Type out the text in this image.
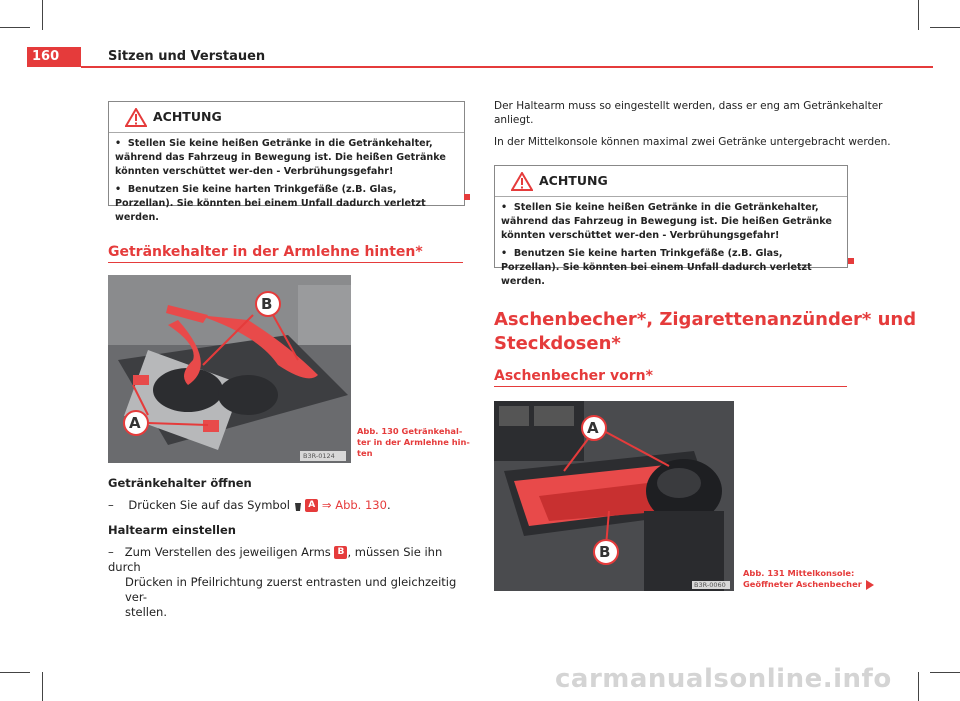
160	Sitzen und Verstauen
ACHTUNG

•  Stellen Sie keine heißen Getränke in die Getränkehalter, während das Fahrzeug in Bewegung ist. Die heißen Getränke könnten verschüttet wer-den - Verbrühungsgefahr!

•  Benutzen Sie keine harten Trinkgefäße (z.B. Glas, Porzellan). Sie könnten bei einem Unfall dadurch verletzt werden.

Getränkehalter in der Armlehne hinten*
B
A
B3R-0124
Abb. 130 Getränkehal-
ter in der Armlehne hin-
ten
Getränkehalter öffnen
– Drücken Sie auf das Symbol A ⇒ Abb. 130.
Haltearm einstellen
– Zum Verstellen des jeweiligen Arms B , müssen Sie ihn durch
Drücken in Pfeilrichtung zuerst entrasten und gleichzeitig ver-
stellen.
Der Haltearm muss so eingestellt werden, dass er eng am Getränkehalter
anliegt.
In der Mittelkonsole können maximal zwei Getränke untergebracht werden.
ACHTUNG

•  Stellen Sie keine heißen Getränke in die Getränkehalter, während das Fahrzeug in Bewegung ist. Die heißen Getränke könnten verschüttet wer-den - Verbrühungsgefahr!

•  Benutzen Sie keine harten Trinkgefäße (z.B. Glas, Porzellan). Sie könnten bei einem Unfall dadurch verletzt werden.

Aschenbecher*, Zigarettenanzünder* und
Steckdosen*
Aschenbecher vorn*
A
B
B3R-0060
Abb. 131 Mittelkonsole:
Geöffneter Aschenbecher
carmanualsonline.info
